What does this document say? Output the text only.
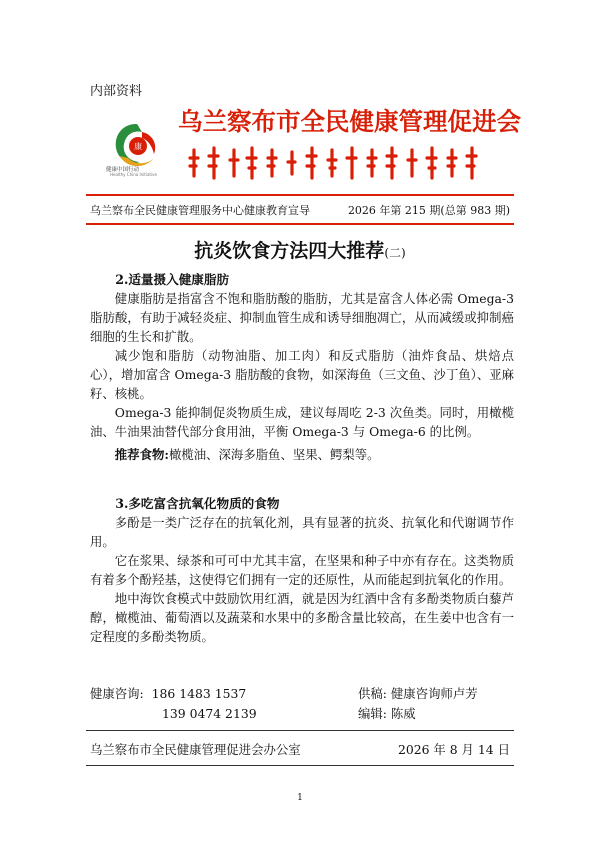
内部资料
康
健康中国行动
Healthy China Initiative
乌兰察布市全民健康管理促进会
乌兰察布全民健康管理服务中心健康教育宣导	2026 年第 215 期(总第 983 期)
抗炎饮食方法四大推荐(二)
2.适量摄入健康脂肪

健康脂肪是指富含不饱和脂肪酸的脂肪，尤其是富含人体必需 Omega-3 脂肪酸，有助于减轻炎症、抑制血管生成和诱导细胞凋亡，从而减缓或抑制癌细胞的生长和扩散。

减少饱和脂肪（动物油脂、加工肉）和反式脂肪（油炸食品、烘焙点心），增加富含 Omega-3 脂肪酸的食物，如深海鱼（三文鱼、沙丁鱼）、亚麻籽、核桃。

Omega-3 能抑制促炎物质生成，建议每周吃 2-3 次鱼类。同时，用橄榄油、牛油果油替代部分食用油，平衡 Omega-3 与 Omega-6 的比例。

推荐食物:橄榄油、深海多脂鱼、坚果、鳄梨等。

3.多吃富含抗氧化物质的食物

多酚是一类广泛存在的抗氧化剂，具有显著的抗炎、抗氧化和代谢调节作用。

它在浆果、绿茶和可可中尤其丰富，在坚果和种子中亦有存在。这类物质有着多个酚羟基，这使得它们拥有一定的还原性，从而能起到抗氧化的作用。

地中海饮食模式中鼓励饮用红酒，就是因为红酒中含有多酚类物质白藜芦醇，橄榄油、葡萄酒以及蔬菜和水果中的多酚含量比较高，在生姜中也含有一定程度的多酚类物质。

健康咨询: 186 1483 1537
139 0474 2139
供稿: 健康咨询师卢芳
编辑: 陈威
乌兰察布市全民健康管理促进会办公室	2026 年 8 月 14 日
1
